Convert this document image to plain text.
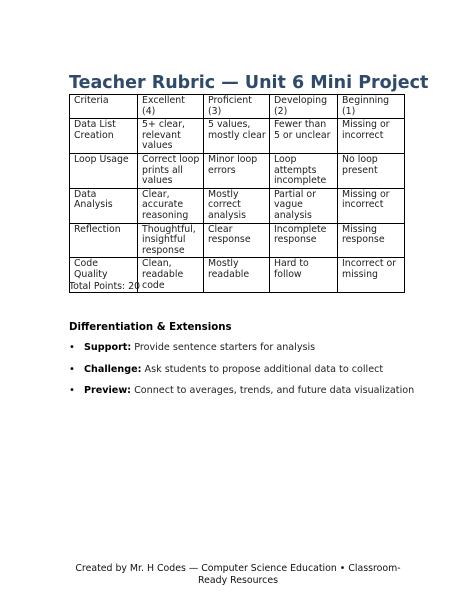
Teacher Rubric — Unit 6 Mini Project
Criteria	Excellent (4)	Proficient (3)	Developing (2)	Beginning (1)
Data List Creation	5+ clear, relevant values	5 values, mostly clear	Fewer than 5 or unclear	Missing or incorrect
Loop Usage	Correct loop prints all values	Minor loop errors	Loop attempts incomplete	No loop present
Data Analysis	Clear, accurate reasoning	Mostly correct analysis	Partial or vague analysis	Missing or incorrect
Reflection	Thoughtful, insightful response	Clear response	Incomplete response	Missing response
Code Quality	Clean, readable code	Mostly readable	Hard to follow	Incorrect or missing
Total Points: 20
Differentiation & Extensions
• Support: Provide sentence starters for analysis
• Challenge: Ask students to propose additional data to collect
• Preview: Connect to averages, trends, and future data visualization
Created by Mr. H Codes — Computer Science Education • Classroom-Ready Resources
